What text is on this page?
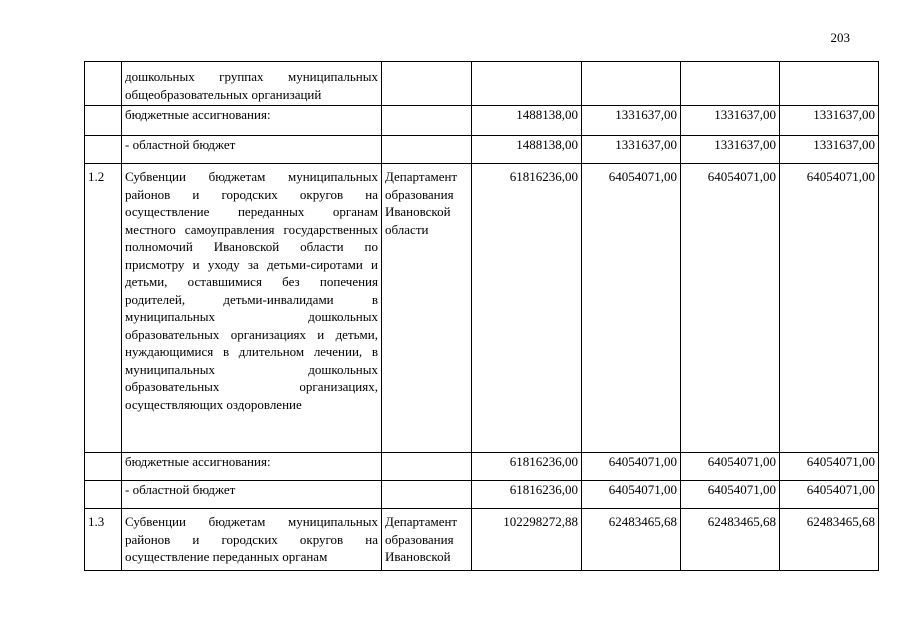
203
	дошкольных группах муниципальных общеобразовательных организаций					
	бюджетные ассигнования:		1488138,00	1331637,00	1331637,00	1331637,00
	- областной бюджет		1488138,00	1331637,00	1331637,00	1331637,00
1.2	Субвенции бюджетам муниципальных районов и городских округов на осуществление переданных органам местного самоуправления государственных полномочий Ивановской области по присмотру и уходу за детьми-сиротами и детьми, оставшимися без попечения родителей, детьми-инвалидами в муниципальных дошкольных образовательных организациях и детьми, нуждающимися в длительном лечении, в муниципальных дошкольных образовательных организациях, осуществляющих оздоровление	Департамент образования Ивановской области	61816236,00	64054071,00	64054071,00	64054071,00
	бюджетные ассигнования:		61816236,00	64054071,00	64054071,00	64054071,00
	- областной бюджет		61816236,00	64054071,00	64054071,00	64054071,00
1.3	Субвенции бюджетам муниципальных районов и городских округов на осуществление переданных органам	Департамент образования Ивановской	102298272,88	62483465,68	62483465,68	62483465,68
